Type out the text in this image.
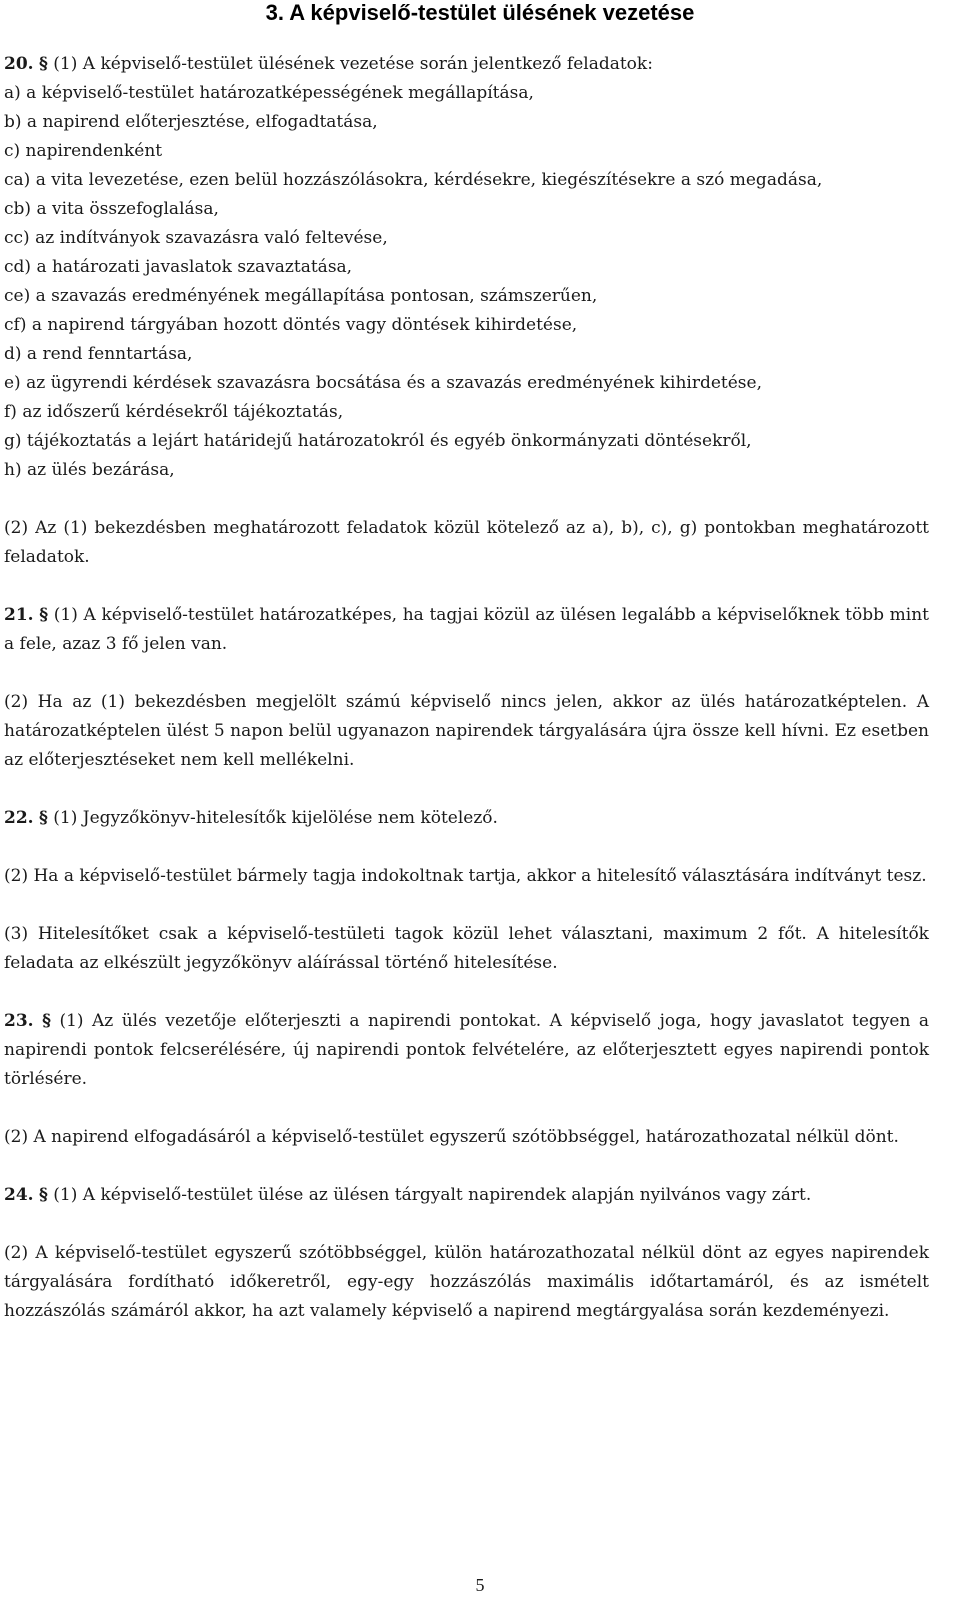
3. A képviselő-testület ülésének vezetése

20. § (1) A képviselő-testület ülésének vezetése során jelentkező feladatok:

a) a képviselő-testület határozatképességének megállapítása,

b) a napirend előterjesztése, elfogadtatása,

c) napirendenként

ca) a vita levezetése, ezen belül hozzászólásokra, kérdésekre, kiegészítésekre a szó megadása,

cb) a vita összefoglalása,

cc) az indítványok szavazásra való feltevése,

cd) a határozati javaslatok szavaztatása,

ce) a szavazás eredményének megállapítása pontosan, számszerűen,

cf) a napirend tárgyában hozott döntés vagy döntések kihirdetése,

d) a rend fenntartása,

e) az ügyrendi kérdések szavazásra bocsátása és a szavazás eredményének kihirdetése,

f) az időszerű kérdésekről tájékoztatás,

g) tájékoztatás a lejárt határidejű határozatokról és egyéb önkormányzati döntésekről,

h) az ülés bezárása,

(2) Az (1) bekezdésben meghatározott feladatok közül kötelező az a), b), c), g) pontokban meghatározott feladatok.

21. § (1) A képviselő-testület határozatképes, ha tagjai közül az ülésen legalább a képviselőknek több mint a fele, azaz 3 fő jelen van.

(2) Ha az (1) bekezdésben megjelölt számú képviselő nincs jelen, akkor az ülés határozatképtelen. A határozatképtelen ülést 5 napon belül ugyanazon napirendek tárgyalására újra össze kell hívni. Ez esetben az előterjesztéseket nem kell mellékelni.

22. § (1) Jegyzőkönyv-hitelesítők kijelölése nem kötelező.

(2) Ha a képviselő-testület bármely tagja indokoltnak tartja, akkor a hitelesítő választására indítványt tesz.

(3) Hitelesítőket csak a képviselő-testületi tagok közül lehet választani, maximum 2 főt. A hitelesítők feladata az elkészült jegyzőkönyv aláírással történő hitelesítése.

23. § (1) Az ülés vezetője előterjeszti a napirendi pontokat. A képviselő joga, hogy javaslatot tegyen a napirendi pontok felcserélésére, új napirendi pontok felvételére, az előterjesztett egyes napirendi pontok törlésére.

(2) A napirend elfogadásáról a képviselő-testület egyszerű szótöbbséggel, határozathozatal nélkül dönt.

24. § (1) A képviselő-testület ülése az ülésen tárgyalt napirendek alapján nyilvános vagy zárt.

(2) A képviselő-testület egyszerű szótöbbséggel, külön határozathozatal nélkül dönt az egyes napirendek tárgyalására fordítható időkeretről, egy-egy hozzászólás maximális időtartamáról, és az ismételt hozzászólás számáról akkor, ha azt valamely képviselő a napirend megtárgyalása során kezdeményezi.

5
